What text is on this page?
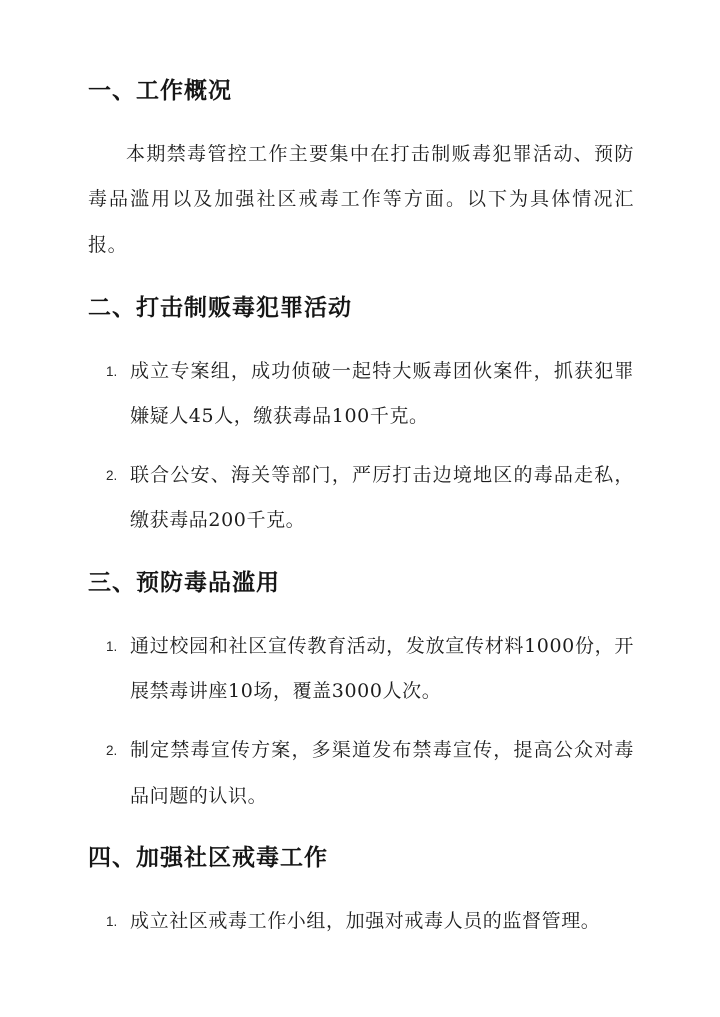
一、工作概况

本期禁毒管控工作主要集中在打击制贩毒犯罪活动、预防毒品滥用以及加强社区戒毒工作等方面。以下为具体情况汇报。

二、打击制贩毒犯罪活动
1. 成立专案组，成功侦破一起特大贩毒团伙案件，抓获犯罪嫌疑人45人，缴获毒品100千克。
2. 联合公安、海关等部门，严厉打击边境地区的毒品走私，缴获毒品200千克。
三、预防毒品滥用
1. 通过校园和社区宣传教育活动，发放宣传材料1000份，开展禁毒讲座10场，覆盖3000人次。
2. 制定禁毒宣传方案，多渠道发布禁毒宣传，提高公众对毒品问题的认识。
四、加强社区戒毒工作
1. 成立社区戒毒工作小组，加强对戒毒人员的监督管理。
